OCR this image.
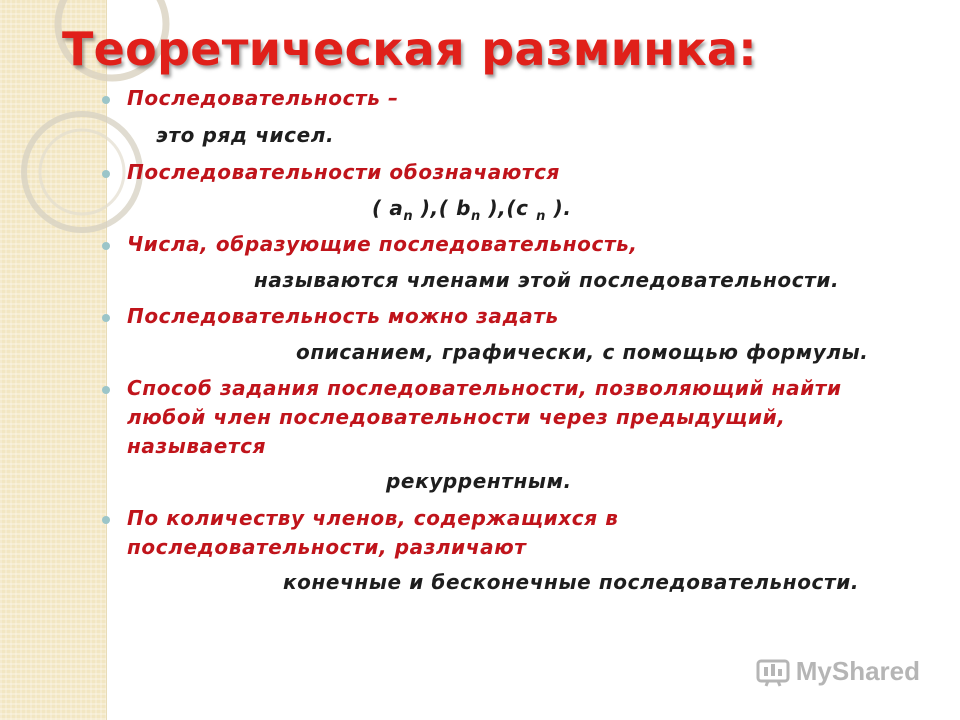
Теоретическая разминка:
Последовательность –
это ряд чисел.
Последовательности обозначаются
( $a_n$ ),( $b_n$ ),(c $_n$ ).
Числа, образующие последовательность,
называются членами этой последовательности.
Последовательность можно задать
описанием, графически, с помощью формулы.
Способ задания последовательности, позволяющий найти
любой член последовательности через предыдущий,
называется
рекуррентным.
По количеству членов, содержащихся в
последовательности, различают
конечные и бесконечные последовательности.
MyShared
